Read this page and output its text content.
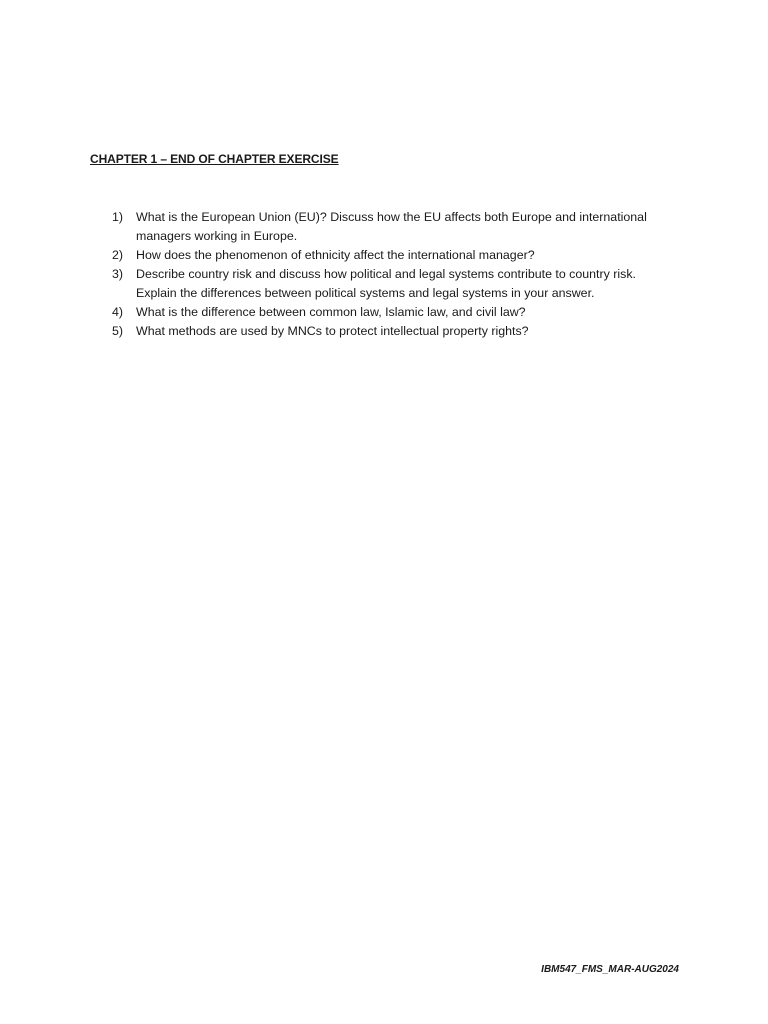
CHAPTER 1 – END OF CHAPTER EXERCISE
1)	What is the European Union (EU)? Discuss how the EU affects both Europe and international managers working in Europe.
2)	How does the phenomenon of ethnicity affect the international manager?
3)	Describe country risk and discuss how political and legal systems contribute to country risk. Explain the differences between political systems and legal systems in your answer.
4)	What is the difference between common law, Islamic law, and civil law?
5)	What methods are used by MNCs to protect intellectual property rights?
IBM547_FMS_MAR-AUG2024
